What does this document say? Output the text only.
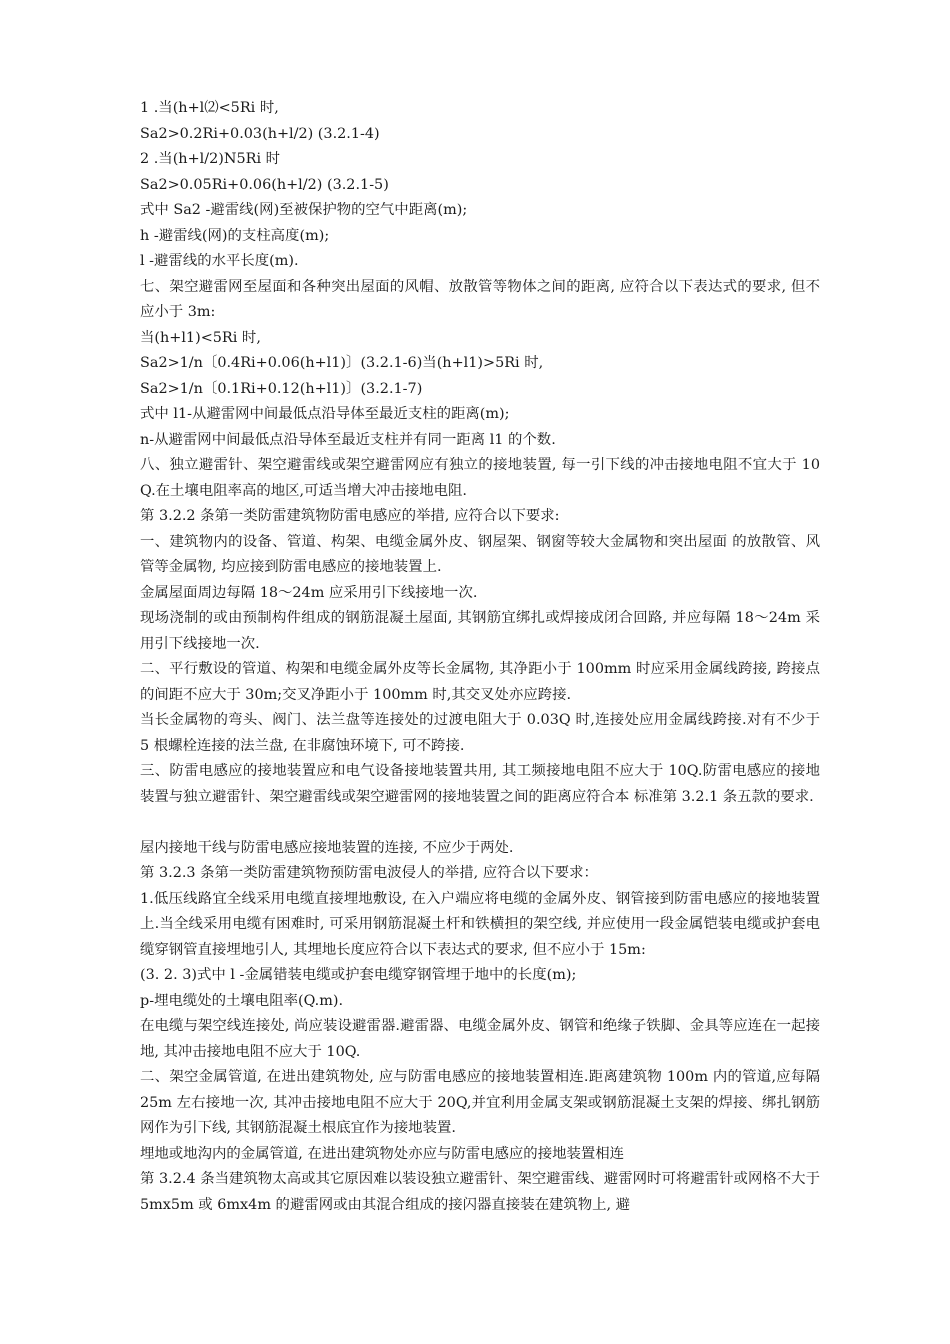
1 .当(h+l⑵<5Ri 时,

Sa2>0.2Ri+0.03(h+l/2) (3.2.1-4)

2 .当(h+l/2)N5Ri 时

Sa2>0.05Ri+0.06(h+l/2) (3.2.1-5)

式中 Sa2 -避雷线(网)至被保护物的空气中距离(m);

h -避雷线(网)的支柱高度(m);

l -避雷线的水平长度(m).

七、架空避雷网至屋面和各种突出屋面的风帽、放散管等物体之间的距离, 应符合以下表达式的要求, 但不应小于 3m:

当(h+l1)<5Ri 时,

Sa2>1/n〔0.4Ri+0.06(h+l1)〕(3.2.1-6)当(h+l1)>5Ri 时,

Sa2>1/n〔0.1Ri+0.12(h+l1)〕(3.2.1-7)

式中 l1-从避雷网中间最低点沿导体至最近支柱的距离(m);

n-从避雷网中间最低点沿导体至最近支柱并有同一距离 l1 的个数.

八、独立避雷针、架空避雷线或架空避雷网应有独立的接地装置, 每一引下线的冲击接地电阻不宜大于 10Q.在土壤电阻率高的地区,可适当增大冲击接地电阻.

第 3.2.2 条第一类防雷建筑物防雷电感应的举措, 应符合以下要求:

一、建筑物内的设备、管道、构架、电缆金属外皮、钢屋架、钢窗等较大金属物和突出屋面 的放散管、风管等金属物, 均应接到防雷电感应的接地装置上.

金属屋面周边每隔 18〜24m 应采用引下线接地一次.

现场浇制的或由预制构件组成的钢筋混凝土屋面, 其钢筋宜绑扎或焊接成闭合回路, 并应每隔 18〜24m 采用引下线接地一次.

二、平行敷设的管道、构架和电缆金属外皮等长金属物, 其净距小于 100mm 时应采用金属线跨接, 跨接点的间距不应大于 30m;交叉净距小于 100mm 时,其交叉处亦应跨接.

当长金属物的弯头、阀门、法兰盘等连接处的过渡电阻大于 0.03Q 时,连接处应用金属线跨接.对有不少于 5 根螺栓连接的法兰盘, 在非腐蚀环境下, 可不跨接.

三、防雷电感应的接地装置应和电气设备接地装置共用, 其工频接地电阻不应大于 10Q.防雷电感应的接地装置与独立避雷针、架空避雷线或架空避雷网的接地装置之间的距离应符合本 标准第 3.2.1 条五款的要求.

屋内接地干线与防雷电感应接地装置的连接, 不应少于两处.

第 3.2.3 条第一类防雷建筑物预防雷电波侵人的举措, 应符合以下要求：

1.低压线路宜全线采用电缆直接埋地敷设, 在入户端应将电缆的金属外皮、钢管接到防雷电感应的接地装置上.当全线采用电缆有困难时, 可采用钢筋混凝土杆和铁横担的架空线, 并应使用一段金属铠装电缆或护套电缆穿钢管直接埋地引人, 其埋地长度应符合以下表达式的要求, 但不应小于 15m:

(3. 2. 3)式中 l -金属错装电缆或护套电缆穿钢管埋于地中的长度(m);

p-埋电缆处的土壤电阻率(Q.m).

在电缆与架空线连接处, 尚应装设避雷器.避雷器、电缆金属外皮、钢管和绝缘子铁脚、金具等应连在一起接地, 其冲击接地电阻不应大于 10Q.

二、架空金属管道, 在进出建筑物处, 应与防雷电感应的接地装置相连.距离建筑物 100m 内的管道,应每隔 25m 左右接地一次, 其冲击接地电阻不应大于 20Q,并宜利用金属支架或钢筋混凝土支架的焊接、绑扎钢筋网作为引下线, 其钢筋混凝土根底宜作为接地装置.

埋地或地沟内的金属管道, 在进出建筑物处亦应与防雷电感应的接地装置相连

第 3.2.4 条当建筑物太高或其它原因难以装设独立避雷针、架空避雷线、避雷网时可将避雷针或网格不大于 5mx5m 或 6mx4m 的避雷网或由其混合组成的接闪器直接装在建筑物上, 避
